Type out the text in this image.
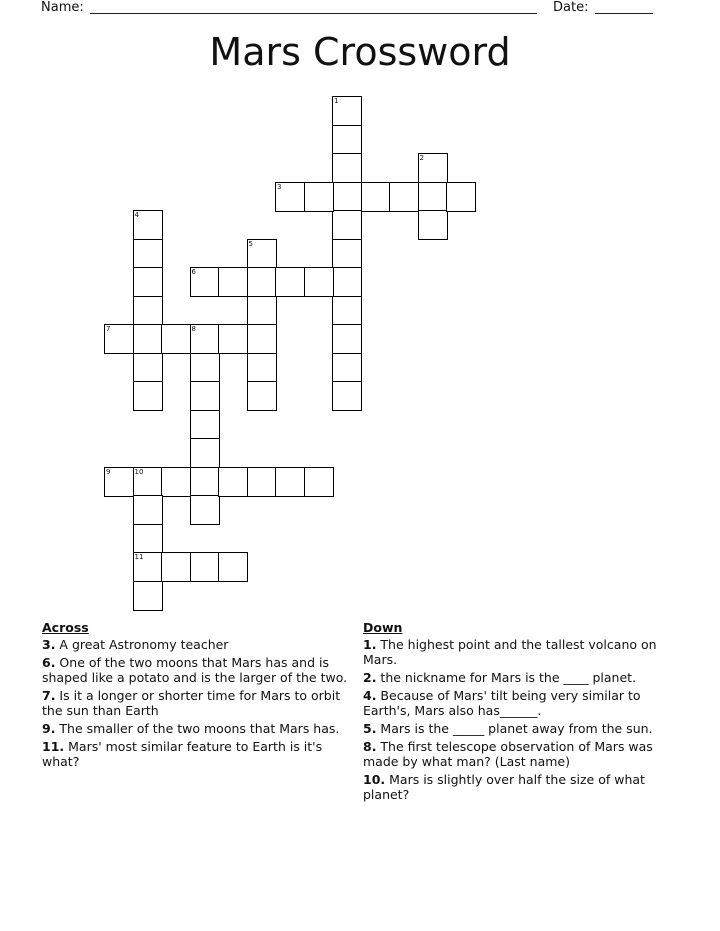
Name:	Date:
Mars Crossword
1
2
3
4
5
6
7	8
9	10
11
Across
3. A great Astronomy teacher
6. One of the two moons that Mars has and is shaped like a potato and is the larger of the two.
7. Is it a longer or shorter time for Mars to orbit the sun than Earth
9. The smaller of the two moons that Mars has.
11. Mars' most similar feature to Earth is it's what?
Down
1. The highest point and the tallest volcano on Mars.
2. the nickname for Mars is the ____ planet.
4. Because of Mars' tilt being very similar to Earth's, Mars also has______.
5. Mars is the _____ planet away from the sun.
8. The first telescope observation of Mars was made by what man? (Last name)
10. Mars is slightly over half the size of what planet?
